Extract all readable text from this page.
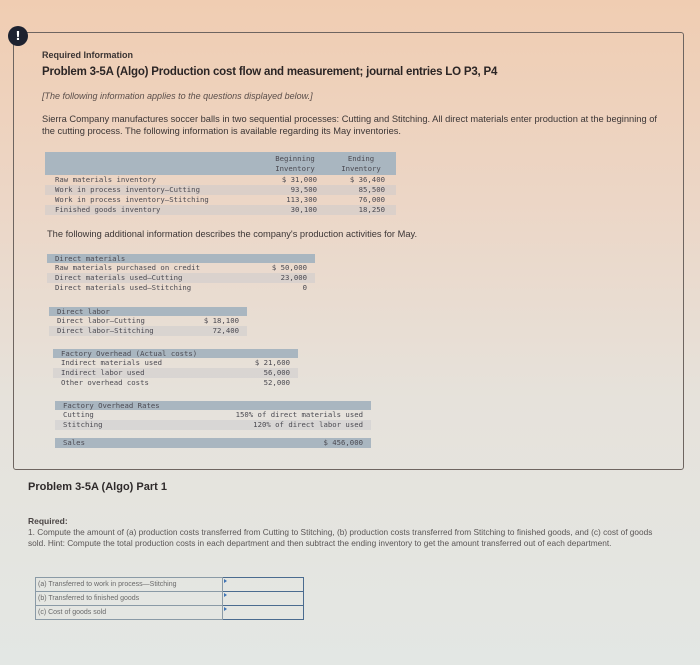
!
Required Information
Problem 3-5A (Algo) Production cost flow and measurement; journal entries LO P3, P4
[The following information applies to the questions displayed below.]
Sierra Company manufactures soccer balls in two sequential processes: Cutting and Stitching. All direct materials enter production at the beginning of the cutting process. The following information is available regarding its May inventories.
Beginning
Inventory
Ending
Inventory
Raw materials inventory	$ 31,000	$ 36,400
Work in process inventory—Cutting	93,500	85,500
Work in process inventory—Stitching	113,300	76,000
Finished goods inventory	30,100	18,250
The following additional information describes the company's production activities for May.
Direct materials
Raw materials purchased on credit	$ 50,000
Direct materials used—Cutting	23,000
Direct materials used—Stitching	0
Direct labor
Direct labor—Cutting	$ 18,100
Direct labor—Stitching	72,400
Factory Overhead (Actual costs)
Indirect materials used	$ 21,600
Indirect labor used	56,000
Other overhead costs	52,000
Factory Overhead Rates
Cutting	150% of direct materials used
Stitching	120% of direct labor used
Sales	$ 456,000
Problem 3-5A (Algo) Part 1
Required:
1. Compute the amount of (a) production costs transferred from Cutting to Stitching, (b) production costs transferred from Stitching to finished goods, and (c) cost of goods sold. Hint: Compute the total production costs in each department and then subtract the ending inventory to get the amount transferred out of each department.
(a) Transferred to work in process—Stitching	

(b) Transferred to finished goods	

(c) Cost of goods sold	
